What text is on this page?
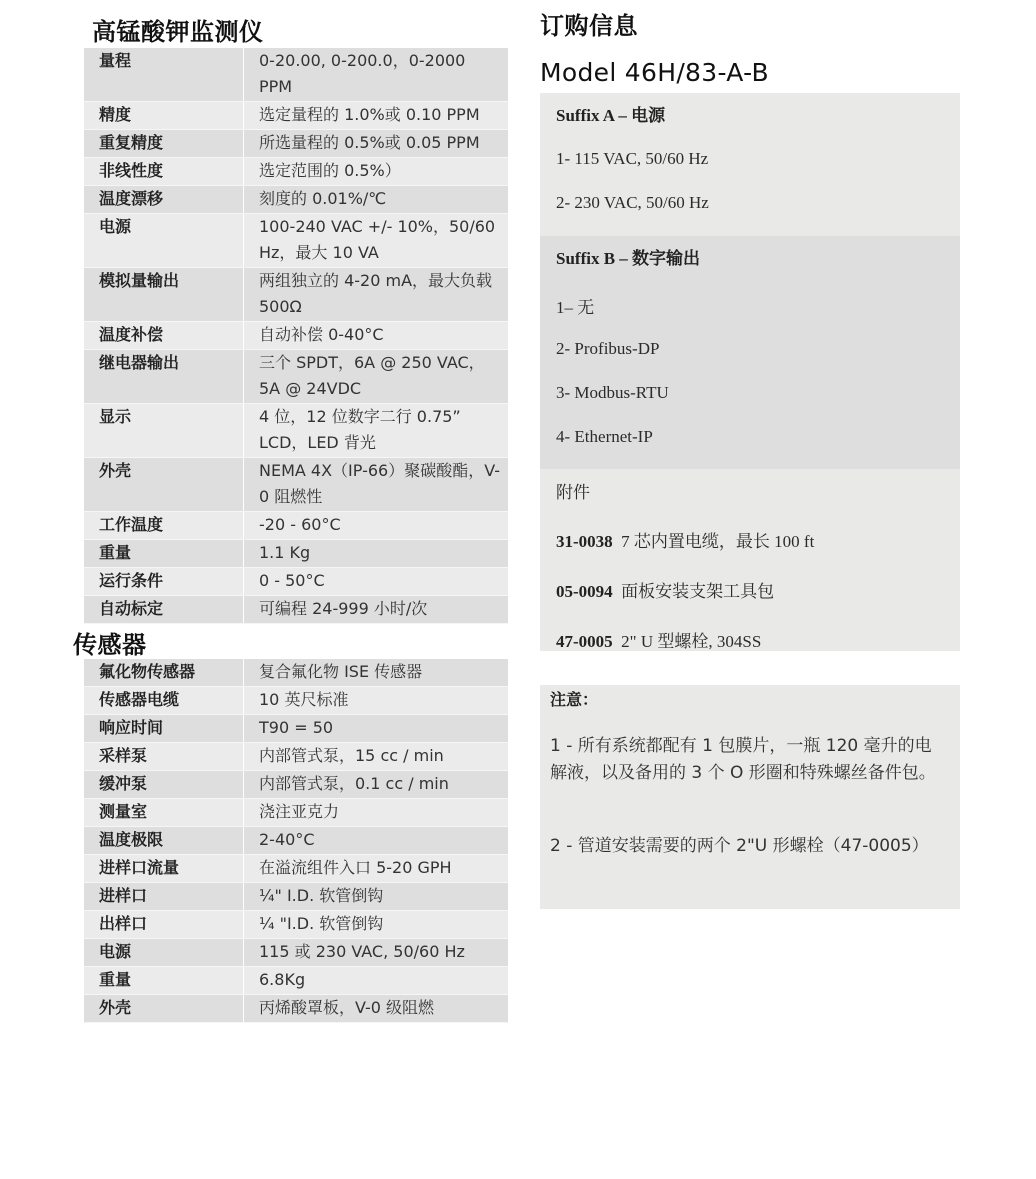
高锰酸钾监测仪
量程	0-20.00, 0-200.0，0-2000 PPM
精度	选定量程的 1.0%或 0.10 PPM
重复精度	所选量程的 0.5%或 0.05 PPM
非线性度	选定范围的 0.5%）
温度漂移	刻度的 0.01%/℃
电源	100-240 VAC +/- 10%，50/60 Hz，最大 10 VA
模拟量输出	两组独立的 4-20 mA，最大负载 500Ω
温度补偿	自动补偿 0-40°C
继电器输出	三个 SPDT，6A @ 250 VAC，5A @ 24VDC
显示	4 位，12 位数字二行 0.75” LCD，LED 背光
外壳	NEMA 4X（IP-66）聚碳酸酯，V-0 阻燃性
工作温度	-20 - 60°C
重量	1.1 Kg
运行条件	0 - 50°C
自动标定	可编程 24-999 小时/次
传感器
氟化物传感器	复合氟化物 ISE 传感器
传感器电缆	10 英尺标准
响应时间	T90 = 50
采样泵	内部管式泵，15 cc / min
缓冲泵	内部管式泵，0.1 cc / min
测量室	浇注亚克力
温度极限	2-40°C
进样口流量	在溢流组件入口 5-20 GPH
进样口	¼" I.D. 软管倒钩
出样口	¼ "I.D. 软管倒钩
电源	115 或 230 VAC, 50/60 Hz
重量	6.8Kg
外壳	丙烯酸罩板，V-0 级阻燃
订购信息
Model 46H/83-A-B
Suffix A – 电源
1- 115 VAC, 50/60 Hz
2- 230 VAC, 50/60 Hz
Suffix B – 数字输出
1– 无
2- Profibus-DP
3- Modbus-RTU
4- Ethernet-IP
附件
31-0038 7 芯内置电缆，最长 100 ft
05-0094 面板安装支架工具包
47-0005 2" U 型螺栓, 304SS
注意：

1 - 所有系统都配有 1 包膜片，一瓶 120 毫升的电解液，以及备用的 3 个 O 形圈和特殊螺丝备件包。

2 - 管道安装需要的两个 2"U 形螺栓（47-0005）
